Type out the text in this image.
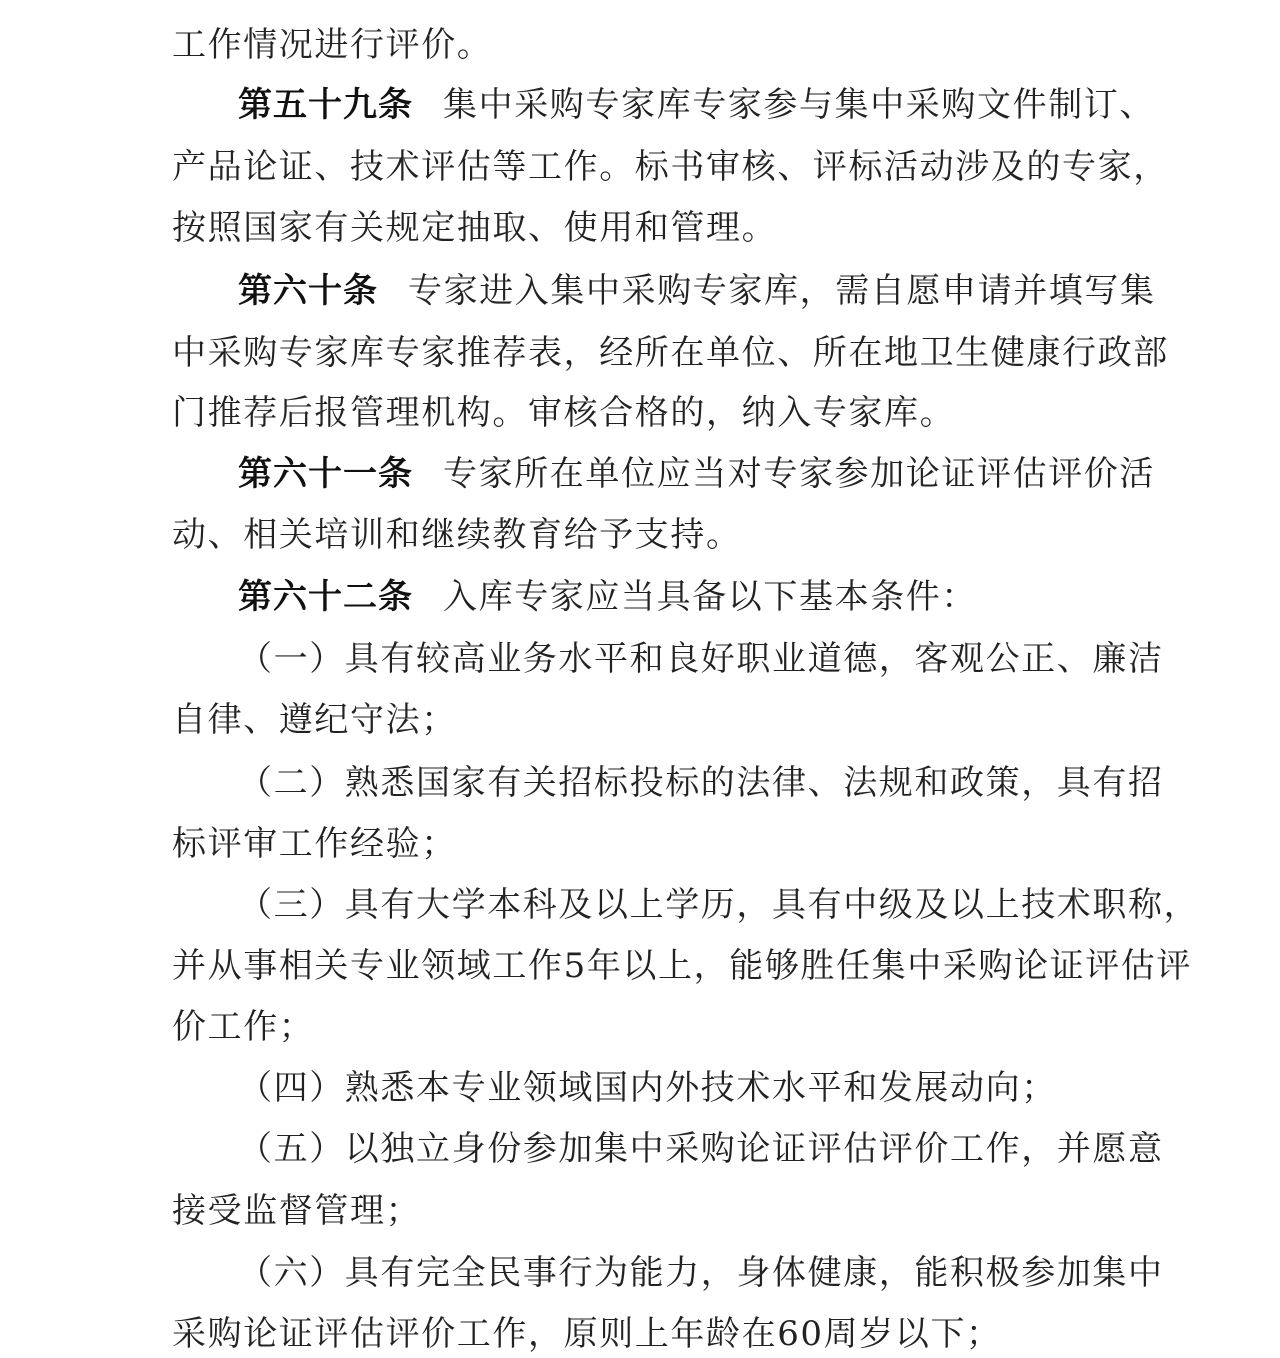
工作情况进行评价。
第五十九条 集中采购专家库专家参与集中采购文件制订、
产品论证、技术评估等工作。标书审核、评标活动涉及的专家，
按照国家有关规定抽取、使用和管理。
第六十条 专家进入集中采购专家库，需自愿申请并填写集
中采购专家库专家推荐表，经所在单位、所在地卫生健康行政部
门推荐后报管理机构。审核合格的，纳入专家库。
第六十一条 专家所在单位应当对专家参加论证评估评价活
动、相关培训和继续教育给予支持。
第六十二条 入库专家应当具备以下基本条件：
（一）具有较高业务水平和良好职业道德，客观公正、廉洁
自律、遵纪守法；
（二）熟悉国家有关招标投标的法律、法规和政策，具有招
标评审工作经验；
（三）具有大学本科及以上学历，具有中级及以上技术职称，
并从事相关专业领域工作5年以上，能够胜任集中采购论证评估评
价工作；
（四）熟悉本专业领域国内外技术水平和发展动向；
（五）以独立身份参加集中采购论证评估评价工作，并愿意
接受监督管理；
（六）具有完全民事行为能力，身体健康，能积极参加集中
采购论证评估评价工作，原则上年龄在60周岁以下；
